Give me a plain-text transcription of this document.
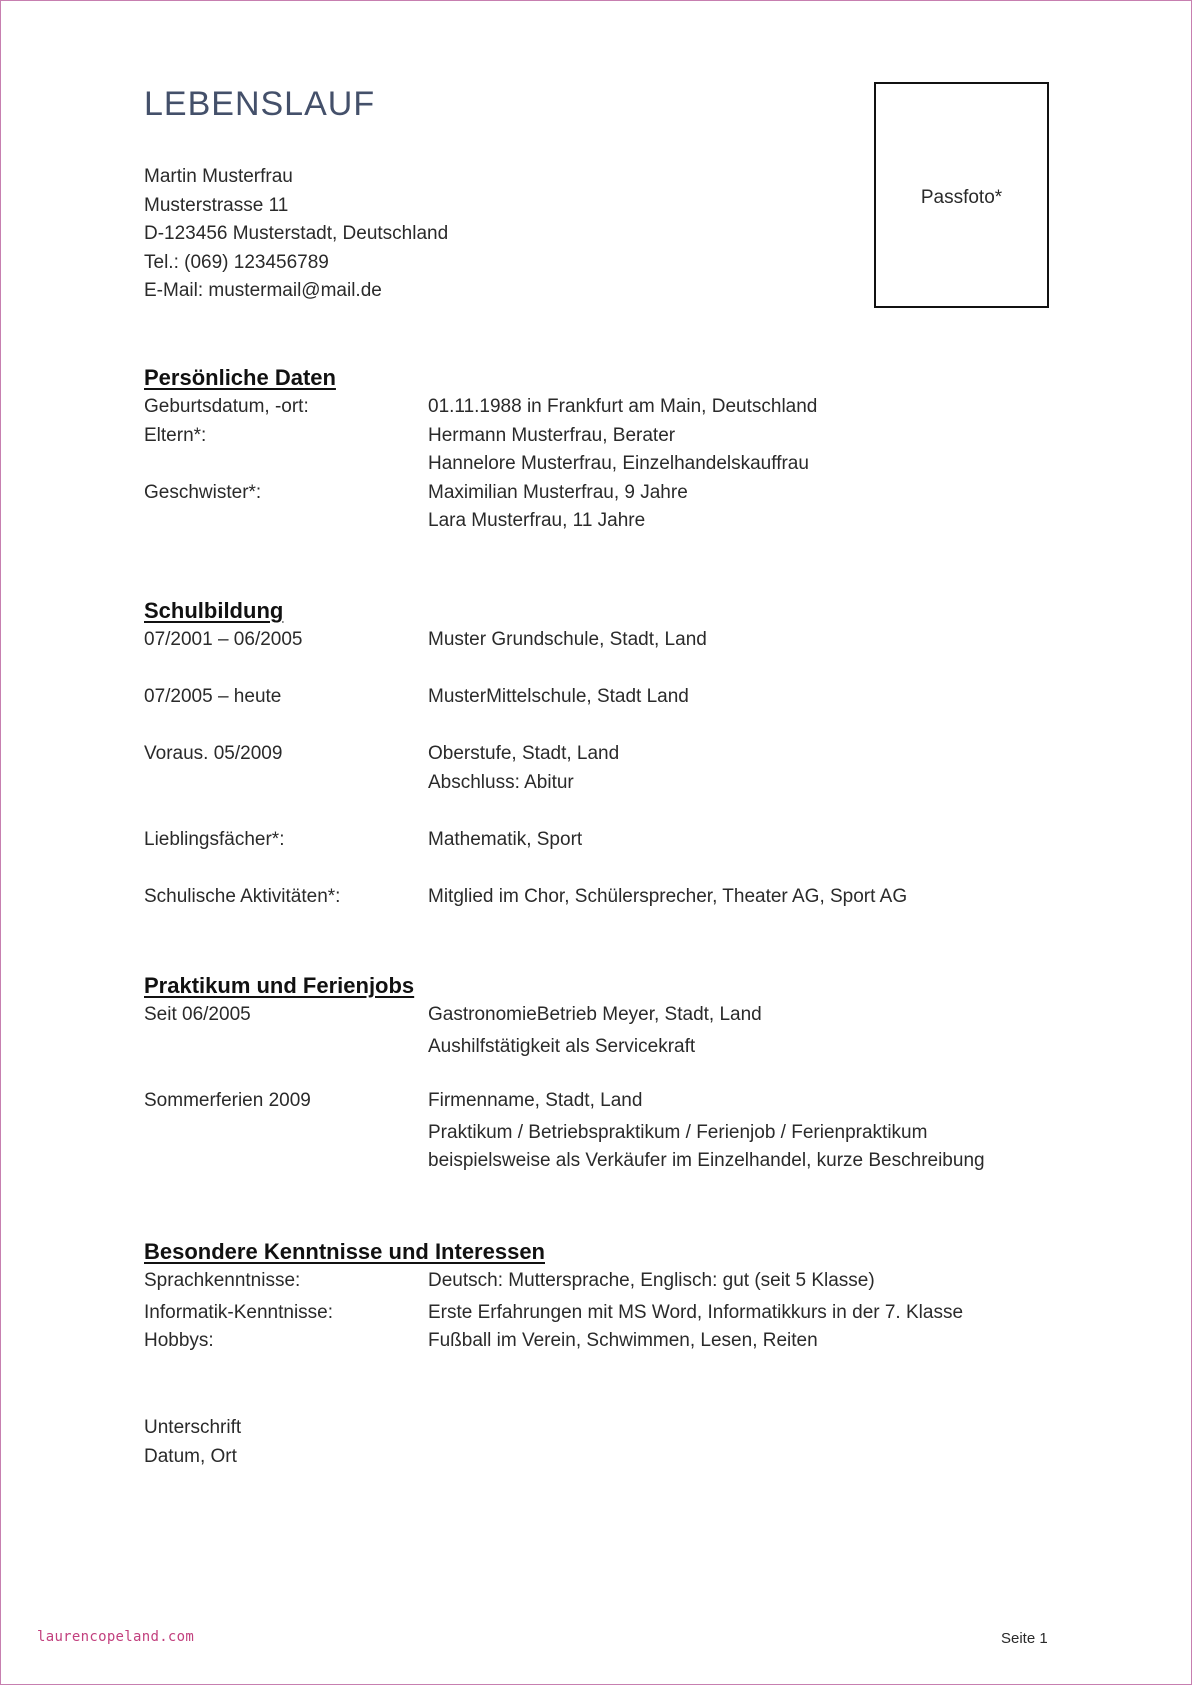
LEBENSLAUF
Martin Musterfrau
Musterstrasse 11
D-123456 Musterstadt, Deutschland
Tel.: (069) 123456789
E-Mail: mustermail@mail.de
Passfoto*
Persönliche Daten
Geburtsdatum, -ort:	01.11.1988 in Frankfurt am Main, Deutschland
Eltern*:	Hermann Musterfrau, Berater
Hannelore Musterfrau, Einzelhandelskauffrau
Geschwister*:	Maximilian Musterfrau, 9 Jahre
Lara Musterfrau, 11 Jahre
Schulbildung
07/2001 – 06/2005	Muster Grundschule, Stadt, Land
07/2005 – heute	MusterMittelschule, Stadt Land
Voraus. 05/2009	Oberstufe, Stadt, Land
Abschluss: Abitur
Lieblingsfächer*:	Mathematik, Sport
Schulische Aktivitäten*:	Mitglied im Chor, Schülersprecher, Theater AG, Sport AG
Praktikum und Ferienjobs
Seit 06/2005	GastronomieBetrieb Meyer, Stadt, Land
Aushilfstätigkeit als Servicekraft
Sommerferien 2009	Firmenname, Stadt, Land
Praktikum / Betriebspraktikum / Ferienjob / Ferienpraktikum
beispielsweise als Verkäufer im Einzelhandel, kurze Beschreibung
Besondere Kenntnisse und Interessen
Sprachkenntnisse:	Deutsch: Muttersprache, Englisch: gut (seit 5 Klasse)
Informatik-Kenntnisse:	Erste Erfahrungen mit MS Word, Informatikkurs in der 7. Klasse
Hobbys:	Fußball im Verein, Schwimmen, Lesen, Reiten
Unterschrift
Datum, Ort
laurencopeland.com	Seite 1
